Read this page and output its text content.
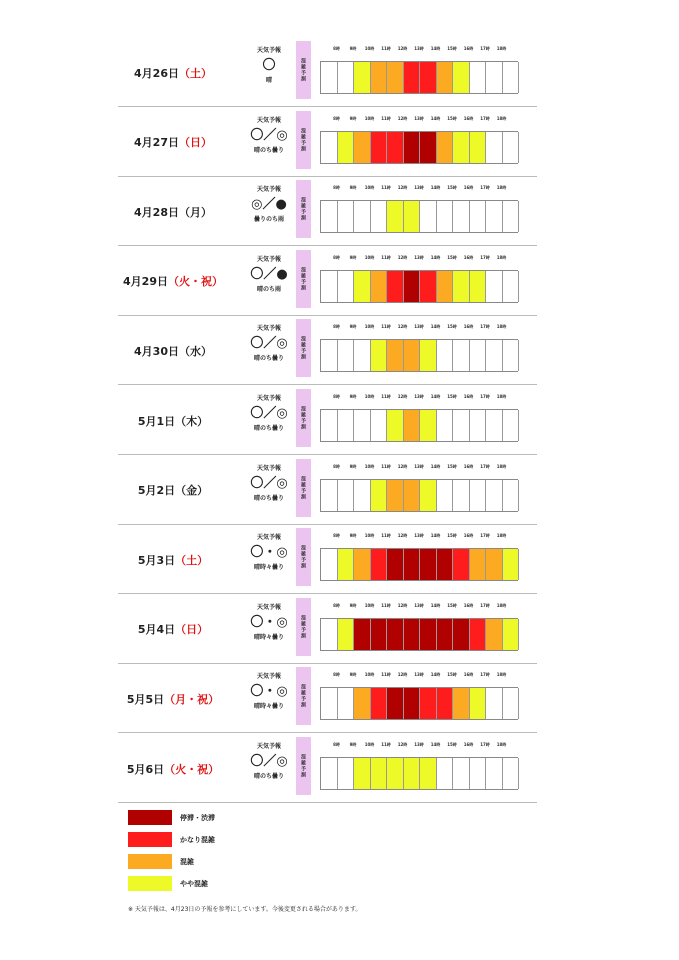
4月26日 （土）
天気予報
〇
晴	混雑予測
8時	9時	10時	11時	12時	13時	14時	15時	16時	17時	18時
4月27日 （日）
天気予報
〇／◎
晴のち曇り	混雑予測
8時	9時	10時	11時	12時	13時	14時	15時	16時	17時	18時
4月28日 （月）
天気予報
◎／●
曇りのち雨	混雑予測
8時	9時	10時	11時	12時	13時	14時	15時	16時	17時	18時
4月29日 （火・祝）
天気予報
〇／●
晴のち雨	混雑予測
8時	9時	10時	11時	12時	13時	14時	15時	16時	17時	18時
4月30日 （水）
天気予報
〇／◎
晴のち曇り	混雑予測
8時	9時	10時	11時	12時	13時	14時	15時	16時	17時	18時
5月1日 （木）
天気予報
〇／◎
晴のち曇り	混雑予測
8時	9時	10時	11時	12時	13時	14時	15時	16時	17時	18時
5月2日 （金）
天気予報
〇／◎
晴のち曇り	混雑予測
8時	9時	10時	11時	12時	13時	14時	15時	16時	17時	18時
5月3日 （土）
天気予報
〇・◎
晴時々曇り	混雑予測
8時	9時	10時	11時	12時	13時	14時	15時	16時	17時	18時
5月4日 （日）
天気予報
〇・◎
晴時々曇り	混雑予測
8時	9時	10時	11時	12時	13時	14時	15時	16時	17時	18時
5月5日 （月・祝）
天気予報
〇・◎
晴時々曇り	混雑予測
8時	9時	10時	11時	12時	13時	14時	15時	16時	17時	18時
5月6日 （火・祝）
天気予報
〇／◎
晴のち曇り	混雑予測
8時	9時	10時	11時	12時	13時	14時	15時	16時	17時	18時
停滞・渋滞
かなり混雑
混雑
やや混雑
※ 天気予報は、4月23日の予報を参考にしています。今後変更される場合があります。
